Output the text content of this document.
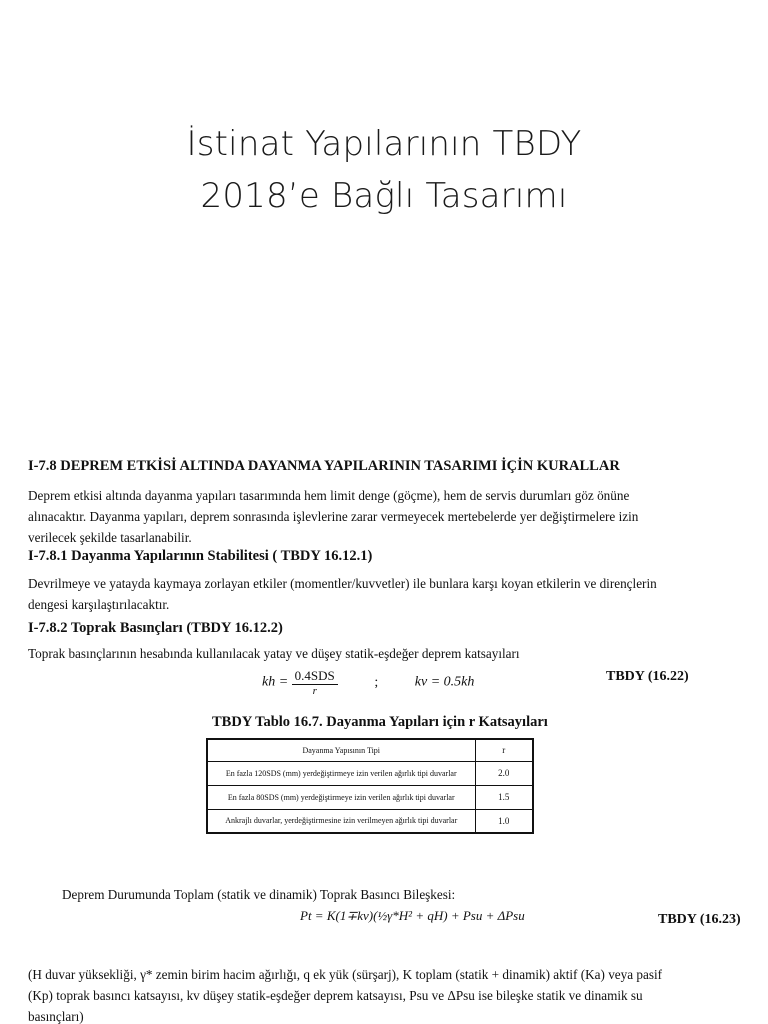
İstinat Yapılarının TBDY
2018’e Bağlı Tasarımı
I-7.8 DEPREM ETKİSİ ALTINDA DAYANMA YAPILARININ TASARIMI İÇİN KURALLAR
Deprem etkisi altında dayanma yapıları tasarımında hem limit denge (göçme), hem de servis durumları göz önüne
alınacaktır. Dayanma yapıları, deprem sonrasında işlevlerine zarar vermeyecek mertebelerde yer değiştirmelere izin
verilecek şekilde tasarlanabilir.
I-7.8.1 Dayanma Yapılarının Stabilitesi ( TBDY 16.12.1)
Devrilmeye ve yatayda kaymaya zorlayan etkiler (momentler/kuvvetler) ile bunlara karşı koyan etkilerin ve dirençlerin
dengesi karşılaştırılacaktır.
I-7.8.2 Toprak Basınçları (TBDY 16.12.2)
Toprak basınçlarının hesabında kullanılacak yatay ve düşey statik-eşdeğer deprem katsayıları
kh = $\frac{\text{0.4SDS}}{r}$	;	kv = 0.5kh	TBDY (16.22)
TBDY Tablo 16.7. Dayanma Yapıları için r Katsayıları
Dayanma Yapısının Tipi	r
En fazla 120SDS (mm) yerdeğiştirmeye izin verilen ağırlık tipi duvarlar	2.0
En fazla 80SDS (mm) yerdeğiştirmeye izin verilen ağırlık tipi duvarlar	1.5
Ankrajlı duvarlar, yerdeğiştirmesine izin verilmeyen ağırlık tipi duvarlar	1.0
Deprem Durumunda Toplam (statik ve dinamik) Toprak Basıncı Bileşkesi:
Pt = K(1∓kv)(½γ*H² + qH) + Psu + ΔPsu	TBDY (16.23)
(H duvar yüksekliği, γ* zemin birim hacim ağırlığı, q ek yük (sürşarj), K toplam (statik + dinamik) aktif (Ka) veya pasif
(Kp) toprak basıncı katsayısı, kv düşey statik-eşdeğer deprem katsayısı, Psu ve ΔPsu ise bileşke statik ve dinamik su
basınçları)
